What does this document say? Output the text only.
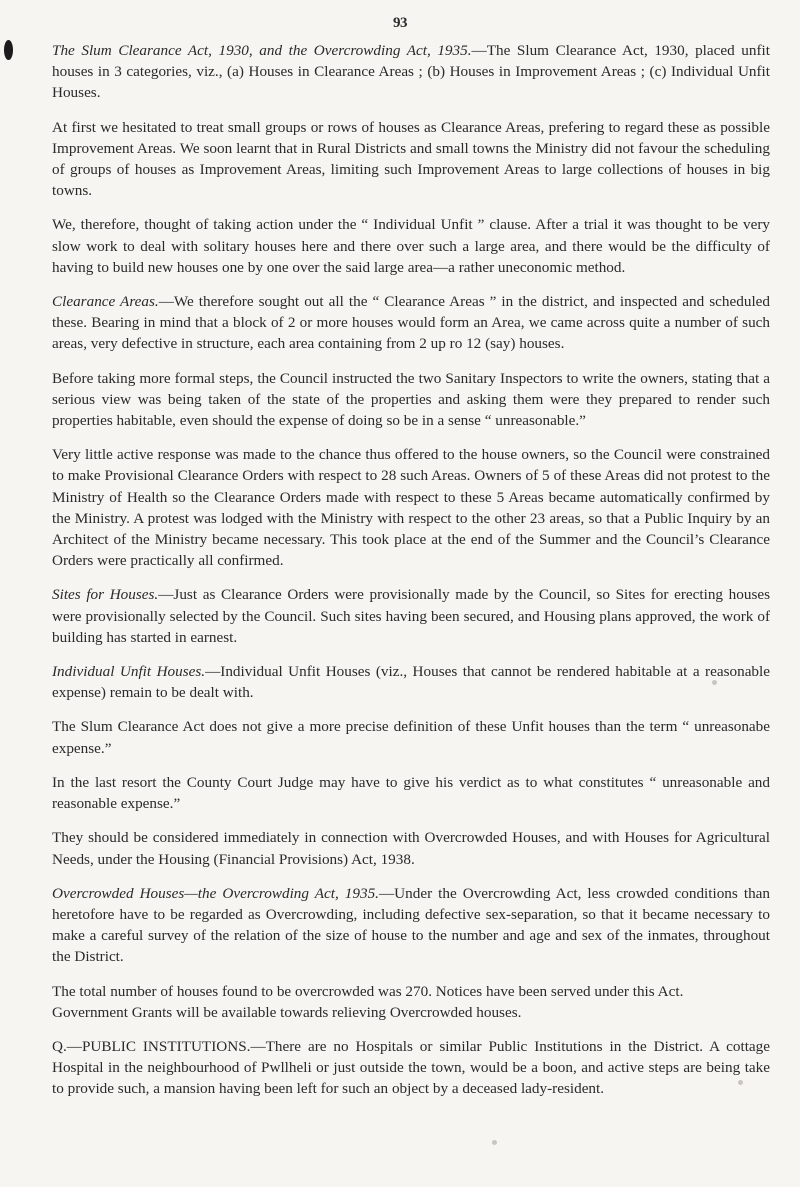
93

The Slum Clearance Act, 1930, and the Overcrowding Act, 1935.—The Slum Clearance Act, 1930, placed unfit houses in 3 categories, viz., (a) Houses in Clearance Areas ; (b) Houses in Improvement Areas ; (c) Individual Unfit Houses.

At first we hesitated to treat small groups or rows of houses as Clearance Areas, prefering to regard these as possible Improvement Areas. We soon learnt that in Rural Districts and small towns the Ministry did not favour the scheduling of groups of houses as Improvement Areas, limiting such Improvement Areas to large collections of houses in big towns.

We, therefore, thought of taking action under the “ Individual Unfit ” clause. After a trial it was thought to be very slow work to deal with solitary houses here and there over such a large area, and there would be the difficulty of having to build new houses one by one over the said large area—a rather uneconomic method.

Clearance Areas.—We therefore sought out all the “ Clearance Areas ” in the district, and inspected and scheduled these. Bearing in mind that a block of 2 or more houses would form an Area, we came across quite a number of such areas, very defective in structure, each area containing from 2 up ro 12 (say) houses.

Before taking more formal steps, the Council instructed the two Sanitary Inspectors to write the owners, stating that a serious view was being taken of the state of the properties and asking them were they prepared to render such properties habitable, even should the expense of doing so be in a sense “ unreasonable.”

Very little active response was made to the chance thus offered to the house owners, so the Council were constrained to make Provisional Clearance Orders with respect to 28 such Areas. Owners of 5 of these Areas did not protest to the Ministry of Health so the Clearance Orders made with respect to these 5 Areas became automatically confirmed by the Ministry. A protest was lodged with the Ministry with respect to the other 23 areas, so that a Public Inquiry by an Architect of the Ministry became necessary. This took place at the end of the Summer and the Council’s Clearance Orders were practically all confirmed.

Sites for Houses.—Just as Clearance Orders were provisionally made by the Council, so Sites for erecting houses were provisionally selected by the Council. Such sites having been secured, and Housing plans approved, the work of building has started in earnest.

Individual Unfit Houses.—Individual Unfit Houses (viz., Houses that cannot be rendered habitable at a reasonable expense) remain to be dealt with.

The Slum Clearance Act does not give a more precise definition of these Unfit houses than the term “ unreasonabe expense.”

In the last resort the County Court Judge may have to give his verdict as to what constitutes “ unreasonable and reasonable expense.”

They should be considered immediately in connection with Overcrowded Houses, and with Houses for Agricultural Needs, under the Housing (Financial Provisions) Act, 1938.

Overcrowded Houses—the Overcrowding Act, 1935.—Under the Overcrowding Act, less crowded conditions than heretofore have to be regarded as Overcrowding, including defective sex-separation, so that it became necessary to make a careful survey of the relation of the size of house to the number and age and sex of the inmates, throughout the District.

The total number of houses found to be overcrowded was 270. Notices have been served under this Act.

Government Grants will be available towards relieving Overcrowded houses.

Q.—PUBLIC INSTITUTIONS.—There are no Hospitals or similar Public Institutions in the District. A cottage Hospital in the neighbourhood of Pwllheli or just outside the town, would be a boon, and active steps are being take to provide such, a mansion having been left for such an object by a deceased lady-resident.
